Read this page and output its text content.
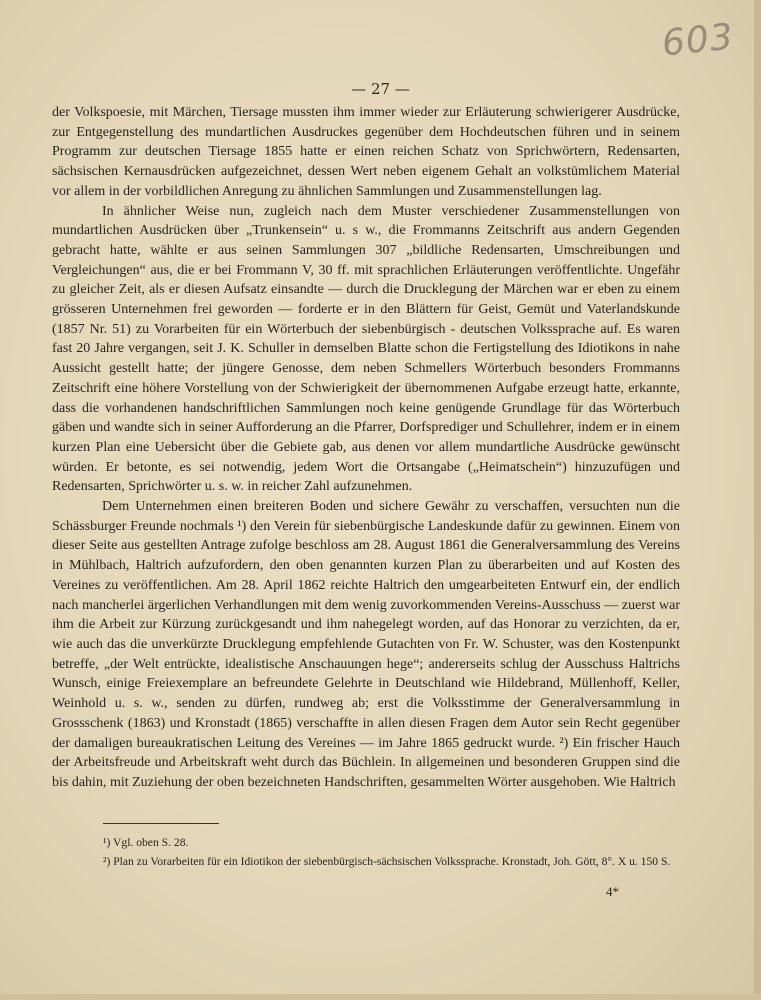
603
— 27 —

der Volkspoesie, mit Märchen, Tiersage mussten ihm immer wieder zur Erläuterung schwierigerer Ausdrücke, zur Entgegenstellung des mundartlichen Ausdruckes gegenüber dem Hochdeutschen führen und in seinem Programm zur deutschen Tiersage 1855 hatte er einen reichen Schatz von Sprichwörtern, Redensarten, sächsischen Kernausdrücken aufgezeichnet, dessen Wert neben eigenem Gehalt an volkstümlichem Material vor allem in der vorbildlichen Anregung zu ähnlichen Sammlungen und Zusammenstellungen lag.

In ähnlicher Weise nun, zugleich nach dem Muster verschiedener Zusammenstellungen von mundartlichen Ausdrücken über „Trunkensein“ u. s w., die Frommanns Zeitschrift aus andern Gegenden gebracht hatte, wählte er aus seinen Sammlungen 307 „bildliche Redensarten, Umschreibungen und Vergleichungen“ aus, die er bei Frommann V, 30 ff. mit sprachlichen Erläuterungen veröffentlichte. Ungefähr zu gleicher Zeit, als er diesen Aufsatz einsandte — durch die Drucklegung der Märchen war er eben zu einem grösseren Unternehmen frei geworden — forderte er in den Blättern für Geist, Gemüt und Vaterlandskunde (1857 Nr. 51) zu Vorarbeiten für ein Wörterbuch der siebenbürgisch - deutschen Volkssprache auf. Es waren fast 20 Jahre vergangen, seit J. K. Schuller in demselben Blatte schon die Fertigstellung des Idiotikons in nahe Aussicht gestellt hatte; der jüngere Genosse, dem neben Schmellers Wörterbuch besonders Frommanns Zeitschrift eine höhere Vorstellung von der Schwierigkeit der übernommenen Aufgabe erzeugt hatte, erkannte, dass die vorhandenen handschriftlichen Sammlungen noch keine genügende Grundlage für das Wörterbuch gäben und wandte sich in seiner Aufforderung an die Pfarrer, Dorfsprediger und Schullehrer, indem er in einem kurzen Plan eine Uebersicht über die Gebiete gab, aus denen vor allem mundartliche Ausdrücke gewünscht würden. Er betonte, es sei notwendig, jedem Wort die Ortsangabe („Heimatschein“) hinzuzufügen und Redensarten, Sprichwörter u. s. w. in reicher Zahl aufzunehmen.

Dem Unternehmen einen breiteren Boden und sichere Gewähr zu verschaffen, versuchten nun die Schässburger Freunde nochmals ¹) den Verein für siebenbürgische Landeskunde dafür zu gewinnen. Einem von dieser Seite aus gestellten Antrage zufolge beschloss am 28. August 1861 die Generalversammlung des Vereins in Mühlbach, Haltrich aufzufordern, den oben genannten kurzen Plan zu überarbeiten und auf Kosten des Vereines zu veröffentlichen. Am 28. April 1862 reichte Haltrich den umgearbeiteten Entwurf ein, der endlich nach mancherlei ärgerlichen Verhandlungen mit dem wenig zuvorkommenden Vereins-Ausschuss — zuerst war ihm die Arbeit zur Kürzung zurückgesandt und ihm nahegelegt worden, auf das Honorar zu verzichten, da er, wie auch das die unverkürzte Drucklegung empfehlende Gutachten von Fr. W. Schuster, was den Kostenpunkt betreffe, „der Welt entrückte, idealistische Anschauungen hege“; andererseits schlug der Ausschuss Haltrichs Wunsch, einige Freiexemplare an befreundete Gelehrte in Deutschland wie Hildebrand, Müllenhoff, Keller, Weinhold u. s. w., senden zu dürfen, rundweg ab; erst die Volksstimme der Generalversammlung in Grossschenk (1863) und Kronstadt (1865) verschaffte in allen diesen Fragen dem Autor sein Recht gegenüber der damaligen bureaukratischen Leitung des Vereines — im Jahre 1865 gedruckt wurde. ²) Ein frischer Hauch der Arbeitsfreude und Arbeitskraft weht durch das Büchlein. In allgemeinen und besonderen Gruppen sind die bis dahin, mit Zuziehung der oben bezeichneten Handschriften, gesammelten Wörter ausgehoben. Wie Haltrich

¹) Vgl. oben S. 28.

²) Plan zu Vorarbeiten für ein Idiotikon der siebenbürgisch-sächsischen Volkssprache. Kronstadt, Joh. Gött, 8°. X u. 150 S.

4*
